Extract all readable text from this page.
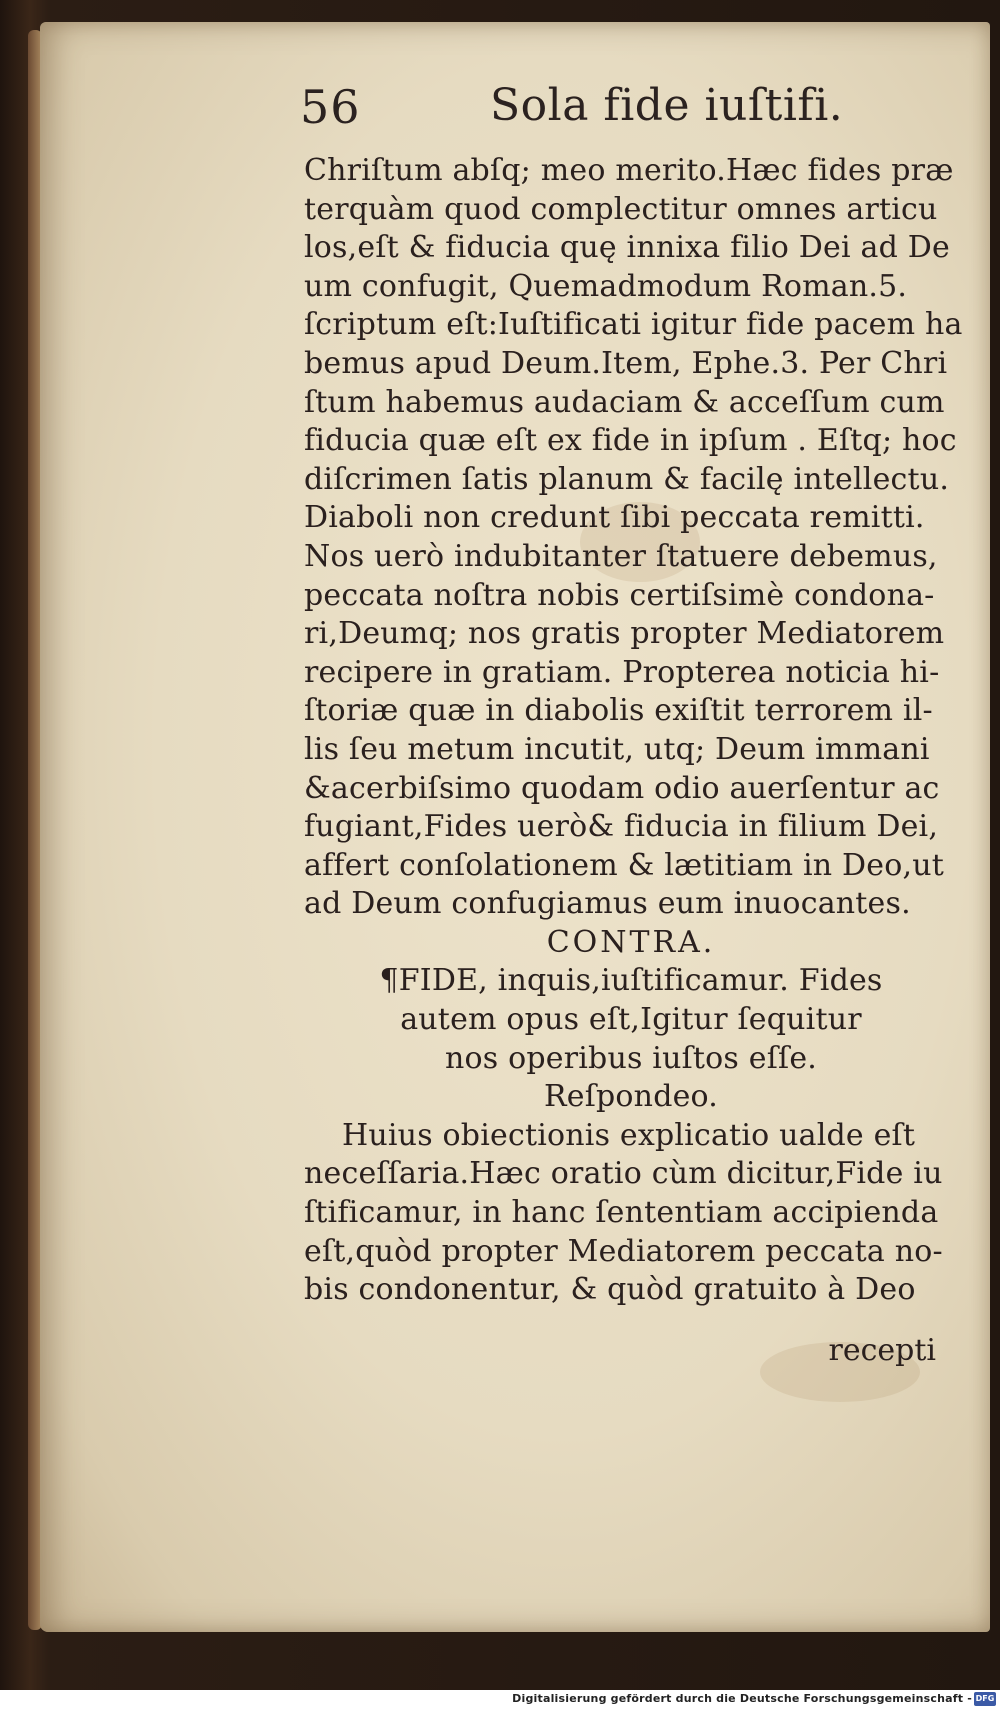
56	Sola fide iuſtifi.
Chriſtum abſq; meo merito.Hæc fides præ
terquàm quod complectitur omnes articu
los,eſt & fiducia quę innixa filio Dei ad De
um confugit, Quemadmodum Roman.5.
ſcriptum eſt:Iuſtificati igitur fide pacem ha
bemus apud Deum.Item, Ephe.3. Per Chri
ſtum habemus audaciam & acceſſum cum
fiducia quæ eſt ex fide in ipſum . Eſtq; hoc
diſcrimen ſatis planum & facilę intellectu.
Diaboli non credunt ſibi peccata remitti.
Nos uerò indubitanter ſtatuere debemus,
peccata noſtra nobis certiſsimè condona-
ri,Deumq; nos gratis propter Mediatorem
recipere in gratiam. Propterea noticia hi-
ſtoriæ quæ in diabolis exiſtit terrorem il-
lis ſeu metum incutit, utq; Deum immani
&acerbiſsimo quodam odio auerſentur ac
fugiant,Fides uerò& fiducia in filium Dei,
affert conſolationem & lætitiam in Deo,ut
ad Deum confugiamus eum inuocantes.
CONTRA.
¶FIDE, inquis,iuſtificamur. Fides
autem opus eſt,Igitur ſequitur
nos operibus iuſtos eſſe.
Reſpondeo.
Huius obiectionis explicatio ualde eſt
neceſſaria.Hæc oratio cùm dicitur,Fide iu
ſtificamur, in hanc ſententiam accipienda
eſt,quòd propter Mediatorem peccata no-
bis condonentur, & quòd gratuito à Deo
recepti
Digitalisierung gefördert durch die Deutsche Forschungsgemeinschaft - DFG
